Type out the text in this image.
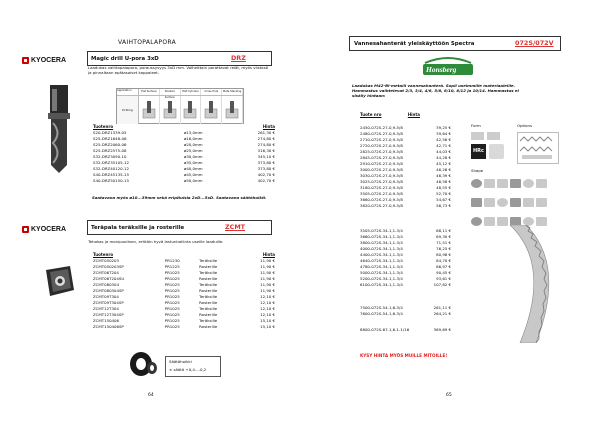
VAIHTOPALAPORA
KYOCERA	Magic drill U-pora 3xD	DRZ
Laadukas vaihtopalapora, poraussyvyys 3xD mm. Vaiheittain porattavat reiät, myös viistosti ja pinnaltaan epätasaiset kappaleet.
Application	Flat Surface	Slanted Surface
Half Cylinder	Cross Hole	Plate Stacking
Drilling
Tuotenro		Hinta
S20-DRZ1339-05	ø13,0mm	261,30 €
S25-DRZ1648-06	ø16,0mm	274,80 €
S25-DRZ2060-06	ø20,0mm	274,80 €
S25-DRZ2575-08	ø25,0mm	316,30 €
S32-DRZ3090-10	ø30,0mm	345,10 €
S32-DRZ35105-12	ø35,0mm	373,80 €
S32-DRZ40120-12	ø40,0mm	373,80 €
S40-DRZ45135-15	ø45,0mm	402,70 €
S40-DRZ50150-15	ø50,0mm	402,70 €
Saatavana myös ø10...59mm sekä eripituisia 2xD...5xD. Saatavana säätöholkit.
KYOCERA	Teräpala teräksille ja rosterille	ZCMT
Tehokas ja monipuolinen, erittäin hyvä lastunhallinta useille laaduille.
Tuotenro			Hinta
ZCMT050203	PR1230	Teräksille	11,90 €
ZCMT050203SP	PR1225	Rosterille	11,90 €
ZCMT06T204	PR1025	Teräksille	11,90 €
ZCMT06T204SU	PR1025	Rosterille	11,90 €
ZCMT080304	PR1025	Teräksille	11,90 €
ZCMT080304SP	PR1025	Rosterille	11,90 €
ZCMT09T304	PR1025	Teräksille	12,10 €
ZCMT09T304SP	PR1025	Rosterille	12,10 €
ZCMT12T304	PR1025	Teräksille	12,10 €
ZCMT12T304SP	PR1025	Rosterille	12,10 €
ZCMT150406	PR1025	Teräksille	15,10 €
ZCMT150406SP	PR1025	Rosterille	15,10 €
Säätöholkki
± säätö +0,4...-0,2
64
Vannesahanterät yleiskäyttöön Spectra	072S/072V
Honsberg
Laadukas M42-Bi-metalli vannesahanterä. Sopii useimmille materiaaleille. Hammastus vaihtelevat 2/3, 3/4, 4/6, 5/8, 6/10, 8/12 ja 10/14. Hammastus ei sisälly hintaan:
Tuote nro	Hinta
2450-072S-27-0,9-5/8	39,25 €
2480-072S-27-0,9-5/8	39,64 €
2710-072S-27-0,9-5/8	42,56 €
2720-072S-27-0,9-5/8	42,71 €
2825-072S-27-0,9-5/8	44,03 €
2845-072S-27-0,9-5/8	44,28 €
2910-072S-27-0,9-5/8	45,12 €
3000-072S-27-0,9-5/8	46,26 €
3030-072S-27-0,9-5/8	46,39 €
3025-072S-27-0,9-5/8	46,58 €
3180-072S-27-0,9-5/8	48,55 €
3505-072S-27-0,9-5/8	52,70 €
3660-072S-27-0,9-5/8	54,67 €
3820-072S-27-0,9-5/8	56,73 €
3505-072S-34-1,1-3/4	68,11 €
3660-072S-34-1,1-3/4	69,30 €
3800-072S-34-1,1-3/4	71,51 €
4000-072S-34-1,1-3/4	76,25 €
4400-072S-34-1,1-3/4	80,98 €
4640-072S-34-1,1-3/4	84,70 €
4780-072S-34-1,1-3/4	86,97 €
5000-072S-34-1,1-3/4	90,45 €
5200-072S-34-1,1-3/4	93,61 €
6100-072S-34-1,1-3/4	107,82 €
7500-072S-54-1,6-3/4	261,11 €
7600-072S-54-1,6-3/4	264,21 €
8800-072S-67-1,6-1-1/16	369,69 €
Form	Options
HRc
Shape
KYSY HINTA MYÖS MUILLE MITOILLE!
65
